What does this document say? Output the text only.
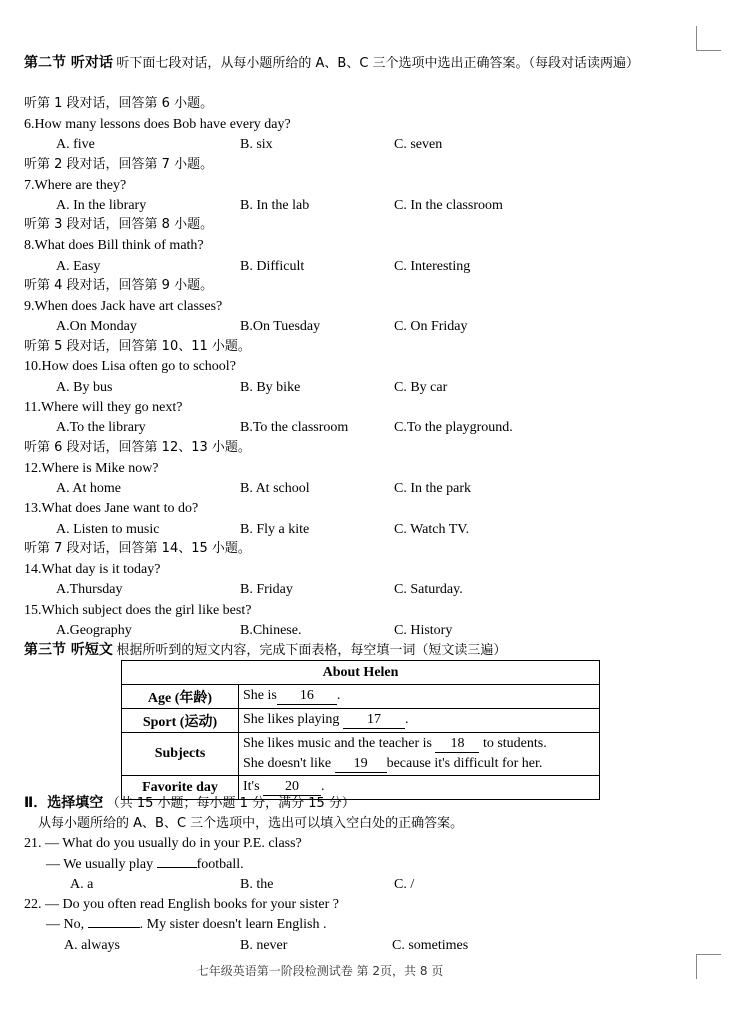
第二节 听对话 听下面七段对话，从每小题所给的 A、B、C 三个选项中选出正确答案。（每段对话读两遍）
听第 1 段对话，回答第 6 小题。
6.How many lessons does Bob have every day?
A. five	B. six	C. seven
听第 2 段对话，回答第 7 小题。
7.Where are they?
A. In the library	B. In the lab	C. In the classroom
听第 3 段对话，回答第 8 小题。
8.What does Bill think of math?
A. Easy	B. Difficult	C. Interesting
听第 4 段对话，回答第 9 小题。
9.When does Jack have art classes?
A.On Monday	B.On Tuesday	C. On Friday
听第 5 段对话，回答第 10、11 小题。
10.How does Lisa often go to school?
A. By bus	B. By bike	C. By car
11.Where will they go next?
A.To the library	B.To the classroom	C.To the playground.
听第 6 段对话，回答第 12、13 小题。
12.Where is Mike now?
A. At home	B. At school	C. In the park
13.What does Jane want to do?
A. Listen to music	B. Fly a kite	C. Watch TV.
听第 7 段对话，回答第 14、15 小题。
14.What day is it today?
A.Thursday	B. Friday	C. Saturday.
15.Which subject does the girl like best?
A.Geography	B.Chinese.	C. History
第三节 听短文 根据所听到的短文内容，完成下面表格，每空填一词（短文读三遍）
About Helen	
Age (年龄)	She is 16 .
Sport (运动)	She likes playing 17 .
Subjects	She likes music and the teacher is 18 to students.
She doesn't like 19 because it's difficult for her.

Favorite day	It's 20 .
Ⅱ．选择填空 （共 15 小题；每小题 1 分，满分 15 分）
从每小题所给的 A、B、C 三个选项中，选出可以填入空白处的正确答案。
21. — What do you usually do in your P.E. class?
— We usually play	football.
A. a	B. the	C. /
22. — Do you often read English books for your sister ?
— No,	. My sister doesn't learn English .
A. always	B. never	C. sometimes
七年级英语第一阶段检测试卷 第 2页，共 8 页
